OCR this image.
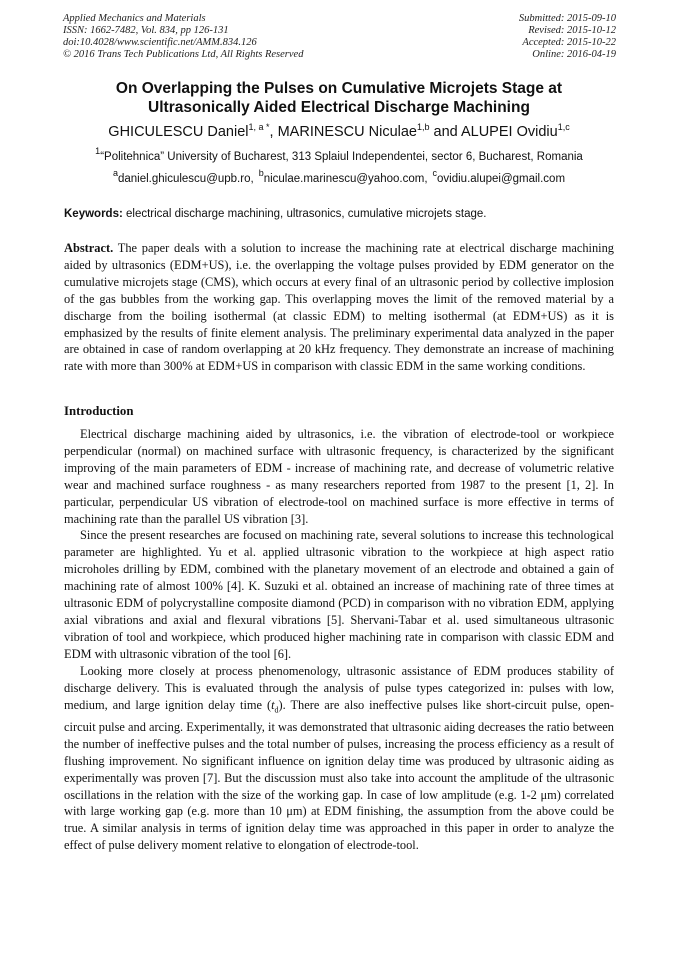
Applied Mechanics and Materials
ISSN: 1662-7482, Vol. 834, pp 126-131
doi:10.4028/www.scientific.net/AMM.834.126
© 2016 Trans Tech Publications Ltd, All Rights Reserved
Submitted: 2015-09-10
Revised: 2015-10-12
Accepted: 2015-10-22
Online: 2016-04-19
On Overlapping the Pulses on Cumulative Microjets Stage at
Ultrasonically Aided Electrical Discharge Machining
GHICULESCU Daniel$^{1, a *}$, MARINESCU Niculae$^{1,b}$ and ALUPEI Ovidiu$^{1,c}$
$^1$“Politehnica” University of Bucharest, 313 Splaiul Independentei, sector 6, Bucharest, Romania
$^a$daniel.ghiculescu@upb.ro, $^b$niculae.marinescu@yahoo.com, $^c$ovidiu.alupei@gmail.com
Keywords: electrical discharge machining, ultrasonics, cumulative microjets stage.
Abstract. The paper deals with a solution to increase the machining rate at electrical discharge machining aided by ultrasonics (EDM+US), i.e. the overlapping the voltage pulses provided by EDM generator on the cumulative microjets stage (CMS), which occurs at every final of an ultrasonic period by collective implosion of the gas bubbles from the working gap. This overlapping moves the limit of the removed material by a discharge from the boiling isothermal (at classic EDM) to melting isothermal (at EDM+US) as it is emphasized by the results of finite element analysis. The preliminary experimental data analyzed in the paper are obtained in case of random overlapping at 20 kHz frequency. They demonstrate an increase of machining rate with more than 300% at EDM+US in comparison with classic EDM in the same working conditions.
Introduction

Electrical discharge machining aided by ultrasonics, i.e. the vibration of electrode-tool or workpiece perpendicular (normal) on machined surface with ultrasonic frequency, is characterized by the significant improving of the main parameters of EDM - increase of machining rate, and decrease of volumetric relative wear and machined surface roughness - as many researchers reported from 1987 to the present [1, 2]. In particular, perpendicular US vibration of electrode-tool on machined surface is more effective in terms of machining rate than the parallel US vibration [3].

Since the present researches are focused on machining rate, several solutions to increase this technological parameter are highlighted. Yu et al. applied ultrasonic vibration to the workpiece at high aspect ratio microholes drilling by EDM, combined with the planetary movement of an electrode and obtained a gain of machining rate of almost 100% [4]. K. Suzuki et al. obtained an increase of machining rate of three times at ultrasonic EDM of polycrystalline composite diamond (PCD) in comparison with no vibration EDM, applying axial vibrations and axial and flexural vibrations [5]. Shervani-Tabar et al. used simultaneous ultrasonic vibration of tool and workpiece, which produced higher machining rate in comparison with classic EDM and EDM with ultrasonic vibration of the tool [6].

Looking more closely at process phenomenology, ultrasonic assistance of EDM produces stability of discharge delivery. This is evaluated through the analysis of pulse types categorized in: pulses with low, medium, and large ignition delay time $(t_d)$. There are also ineffective pulses like short-circuit pulse, open-circuit pulse and arcing. Experimentally, it was demonstrated that ultrasonic aiding decreases the ratio between the number of ineffective pulses and the total number of pulses, increasing the process efficiency as a result of flushing improvement. No significant influence on ignition delay time was produced by ultrasonic aiding as experimentally was proven [7]. But the discussion must also take into account the amplitude of the ultrasonic oscillations in the relation with the size of the working gap. In case of low amplitude (e.g. 1-2 μm) correlated with large working gap (e.g. more than 10 μm) at EDM finishing, the assumption from the above could be true. A similar analysis in terms of ignition delay time was approached in this paper in order to analyze the effect of pulse delivery moment relative to elongation of electrode-tool.
